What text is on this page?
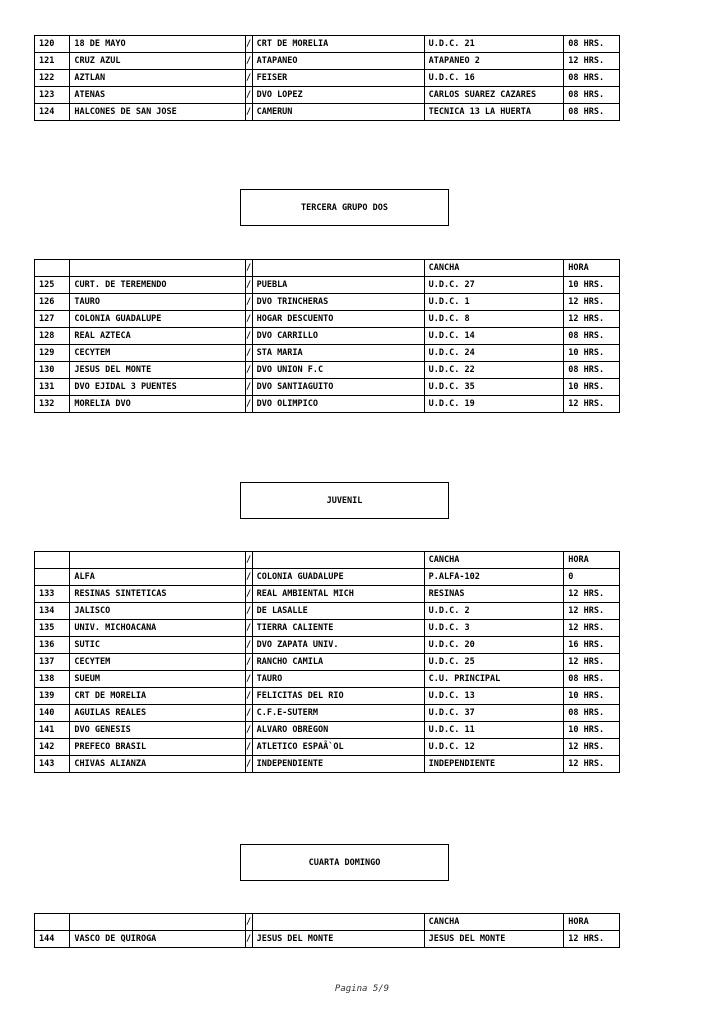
120	18 DE MAYO	/	CRT DE MORELIA	U.D.C. 21	08 HRS.
121	CRUZ AZUL	/	ATAPANEO	ATAPANEO 2	12 HRS.
122	AZTLAN	/	FEISER	U.D.C. 16	08 HRS.
123	ATENAS	/	DVO LOPEZ	CARLOS SUAREZ CAZARES	08 HRS.
124	HALCONES DE SAN JOSE	/	CAMERUN	TECNICA 13 LA HUERTA	08 HRS.
TERCERA GRUPO DOS
		/		CANCHA	HORA
125	CURT. DE TEREMENDO	/	PUEBLA	U.D.C. 27	10 HRS.
126	TAURO	/	DVO TRINCHERAS	U.D.C. 1	12 HRS.
127	COLONIA GUADALUPE	/	HOGAR DESCUENTO	U.D.C. 8	12 HRS.
128	REAL AZTECA	/	DVO CARRILLO	U.D.C. 14	08 HRS.
129	CECYTEM	/	STA MARIA	U.D.C. 24	10 HRS.
130	JESUS DEL MONTE	/	DVO UNION F.C	U.D.C. 22	08 HRS.
131	DVO EJIDAL 3 PUENTES	/	DVO SANTIAGUITO	U.D.C. 35	10 HRS.
132	MORELIA DVO	/	DVO OLIMPICO	U.D.C. 19	12 HRS.
JUVENIL
		/		CANCHA	HORA
	ALFA	/	COLONIA GUADALUPE	P.ALFA-102	0
133	RESINAS SINTETICAS	/	REAL AMBIENTAL MICH	RESINAS	12 HRS.
134	JALISCO	/	DE LASALLE	U.D.C. 2	12 HRS.
135	UNIV. MICHOACANA	/	TIERRA CALIENTE	U.D.C. 3	12 HRS.
136	SUTIC	/	DVO ZAPATA UNIV.	U.D.C. 20	16 HRS.
137	CECYTEM	/	RANCHO CAMILA	U.D.C. 25	12 HRS.
138	SUEUM	/	TAURO	C.U. PRINCIPAL	08 HRS.
139	CRT DE MORELIA	/	FELICITAS DEL RIO	U.D.C. 13	10 HRS.
140	AGUILAS REALES	/	C.F.E-SUTERM	U.D.C. 37	08 HRS.
141	DVO GENESIS	/	ALVARO OBREGON	U.D.C. 11	10 HRS.
142	PREFECO BRASIL	/	ATLETICO ESPAÃ`OL	U.D.C. 12	12 HRS.
143	CHIVAS ALIANZA	/	INDEPENDIENTE	INDEPENDIENTE	12 HRS.
CUARTA DOMINGO
		/		CANCHA	HORA
144	VASCO DE QUIROGA	/	JESUS DEL MONTE	JESUS DEL MONTE	12 HRS.
Pagina 5/9
